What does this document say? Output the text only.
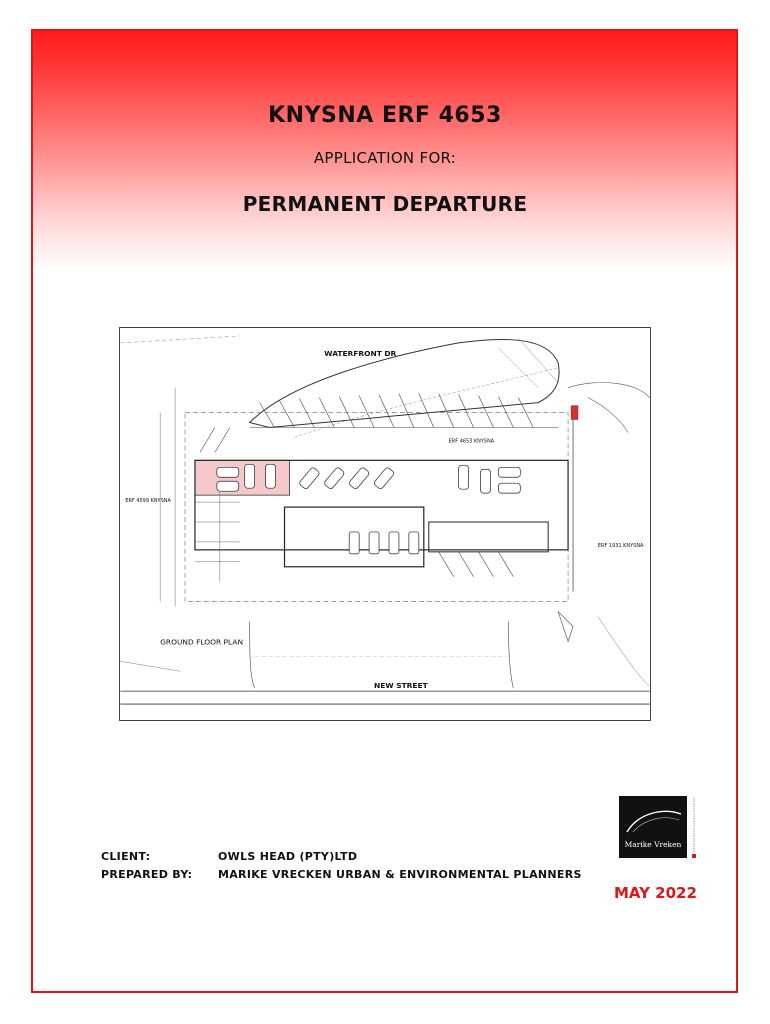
KNYSNA ERF 4653
APPLICATION FOR:
PERMANENT DEPARTURE
WATERFRONT DR
NEW STREET
GROUND FLOOR PLAN
ERF 4653 KNYSNA
ERF 4599 KNYSNA
ERF 1931 KNYSNA
CLIENT:	OWLS HEAD (PTY)LTD
PREPARED BY:	MARIKE VRECKEN URBAN & ENVIRONMENTAL PLANNERS
Marike Vreken
MAY 2022
